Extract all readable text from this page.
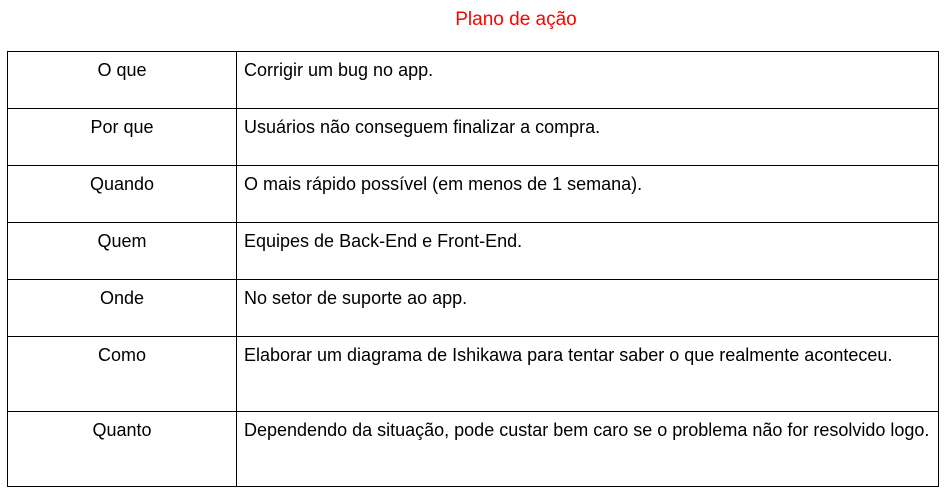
Plano de ação
O que	Corrigir um bug no app.
Por que	Usuários não conseguem finalizar a compra.
Quando	O mais rápido possível (em menos de 1 semana).
Quem	Equipes de Back-End e Front-End.
Onde	No setor de suporte ao app.
Como	Elaborar um diagrama de Ishikawa para tentar saber o que realmente aconteceu.
Quanto	Dependendo da situação, pode custar bem caro se o problema não for resolvido logo.
